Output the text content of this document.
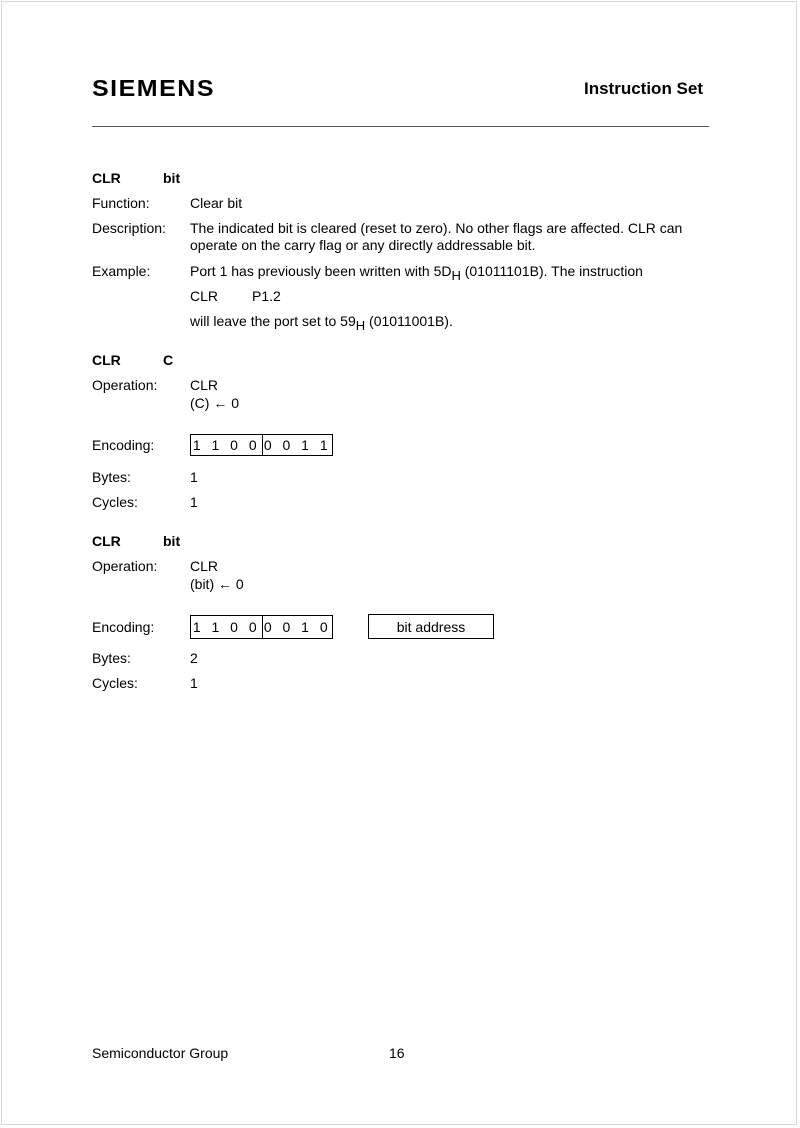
SIEMENS	Instruction Set
CLR	bit
Function:	Clear bit
Description: The indicated bit is cleared (reset to zero). No other flags are affected. CLR can
operate on the carry flag or any directly addressable bit.
Example:	Port 1 has previously been written with $5D_H$ (01011101B). The instruction
CLR P1.2
will leave the port set to $59_H$ (01011001B).
CLR	C
Operation: CLR
(C) ← 0
Encoding:	1 1 0 0 0 0 1 1
Bytes:	1
Cycles:	1
CLR	bit
Operation: CLR
(bit) ← 0
Encoding:	1 1 0 0 0 0 1 0	bit address
Bytes:	2
Cycles:	1
Semiconductor Group	16
